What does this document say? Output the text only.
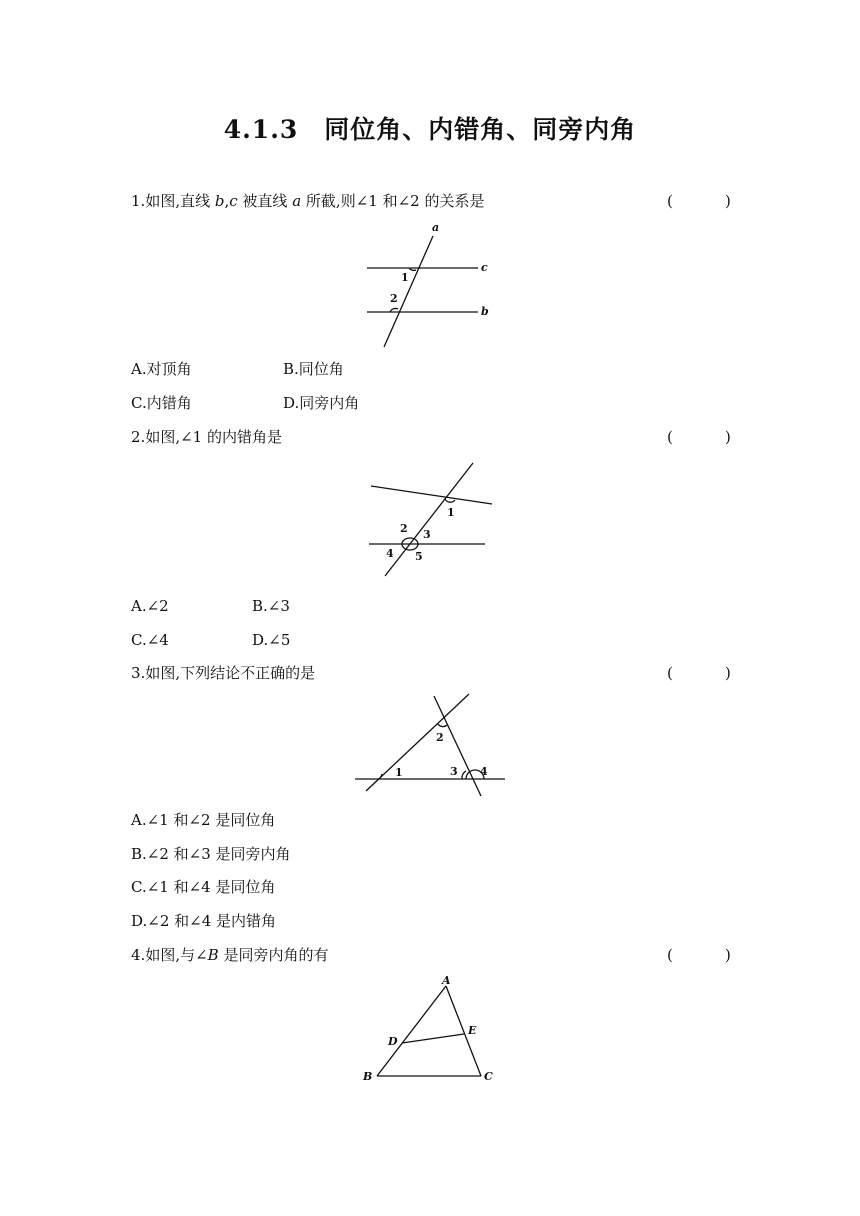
4.1.3　同位角、内错角、同旁内角
1.如图,直线 b,c 被直线 a 所截,则∠1 和∠2 的关系是	(	)
a
c
b
1
2
A.对顶角	B.同位角
C.内错角	D.同旁内角
2.如图,∠1 的内错角是	(	)
1
2 3
4 5
A.∠2	B.∠3
C.∠4	D.∠5
3.如图,下列结论不正确的是	(	)
1
2
3 4
A.∠1 和∠2 是同位角
B.∠2 和∠3 是同旁内角
C.∠1 和∠4 是同位角
D.∠2 和∠4 是内错角
4.如图,与∠B 是同旁内角的有	(	)
A
D
E
B	C
